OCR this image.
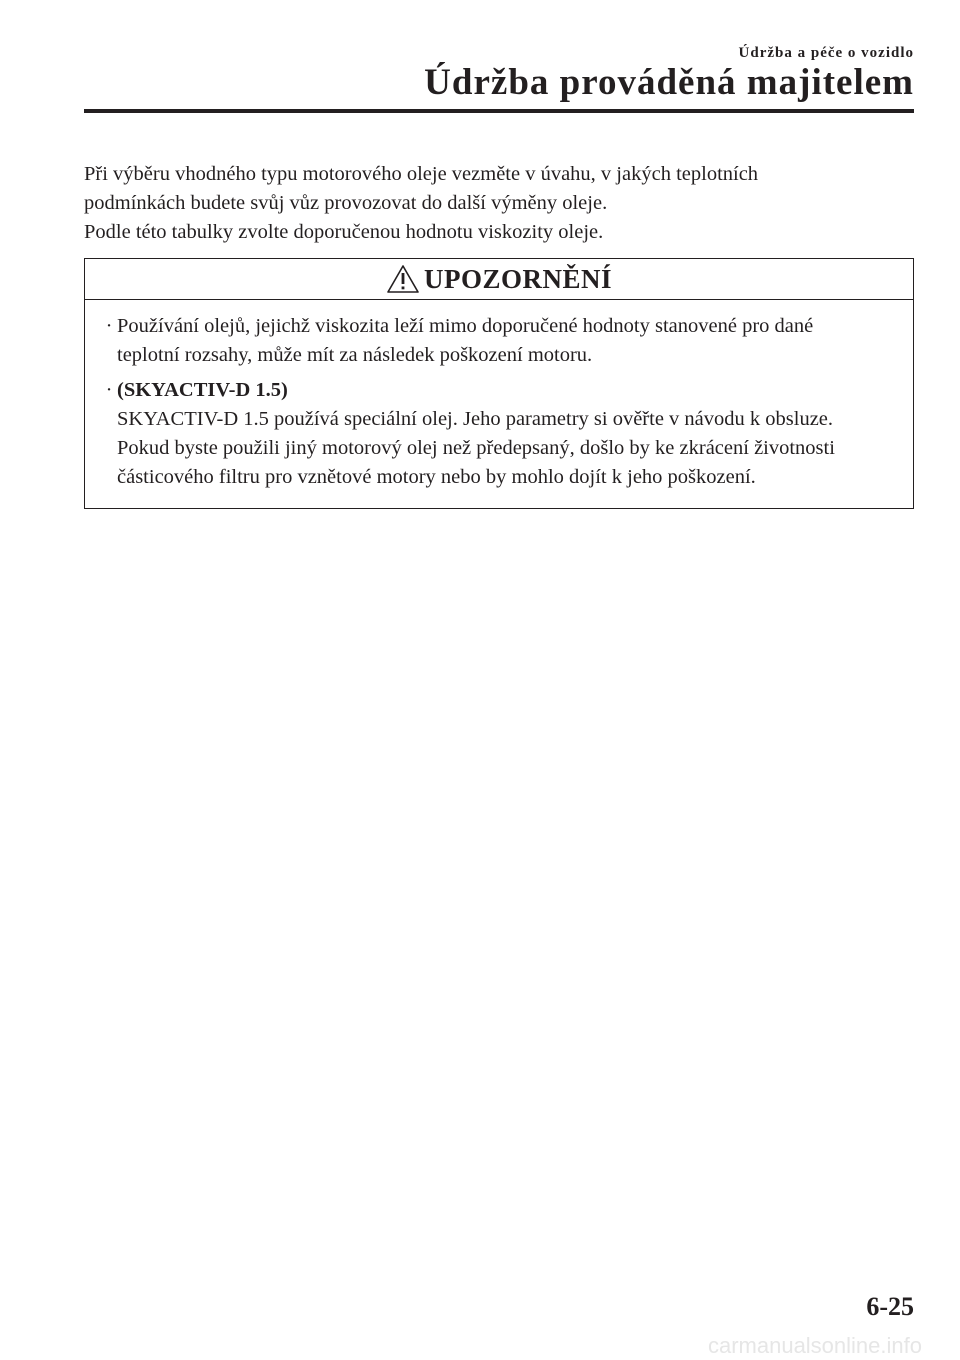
Údržba a péče o vozidlo
Údržba prováděná majitelem

Při výběru vhodného typu motorového oleje vezměte v úvahu, v jakých teplotních

podmínkách budete svůj vůz provozovat do další výměny oleje.

Podle této tabulky zvolte doporučenou hodnotu viskozity oleje.

UPOZORNĚNÍ
· Používání olejů, jejichž viskozita leží mimo doporučené hodnoty stanovené pro dané
teplotní rozsahy, může mít za následek poškození motoru.
· (SKYACTIV-D 1.5)
SKYACTIV-D 1.5 používá speciální olej. Jeho parametry si ověřte v návodu k obsluze.
Pokud byste použili jiný motorový olej než předepsaný, došlo by ke zkrácení životnosti
částicového filtru pro vznětové motory nebo by mohlo dojít k jeho poškození.
6-25
carmanualsonline.info
